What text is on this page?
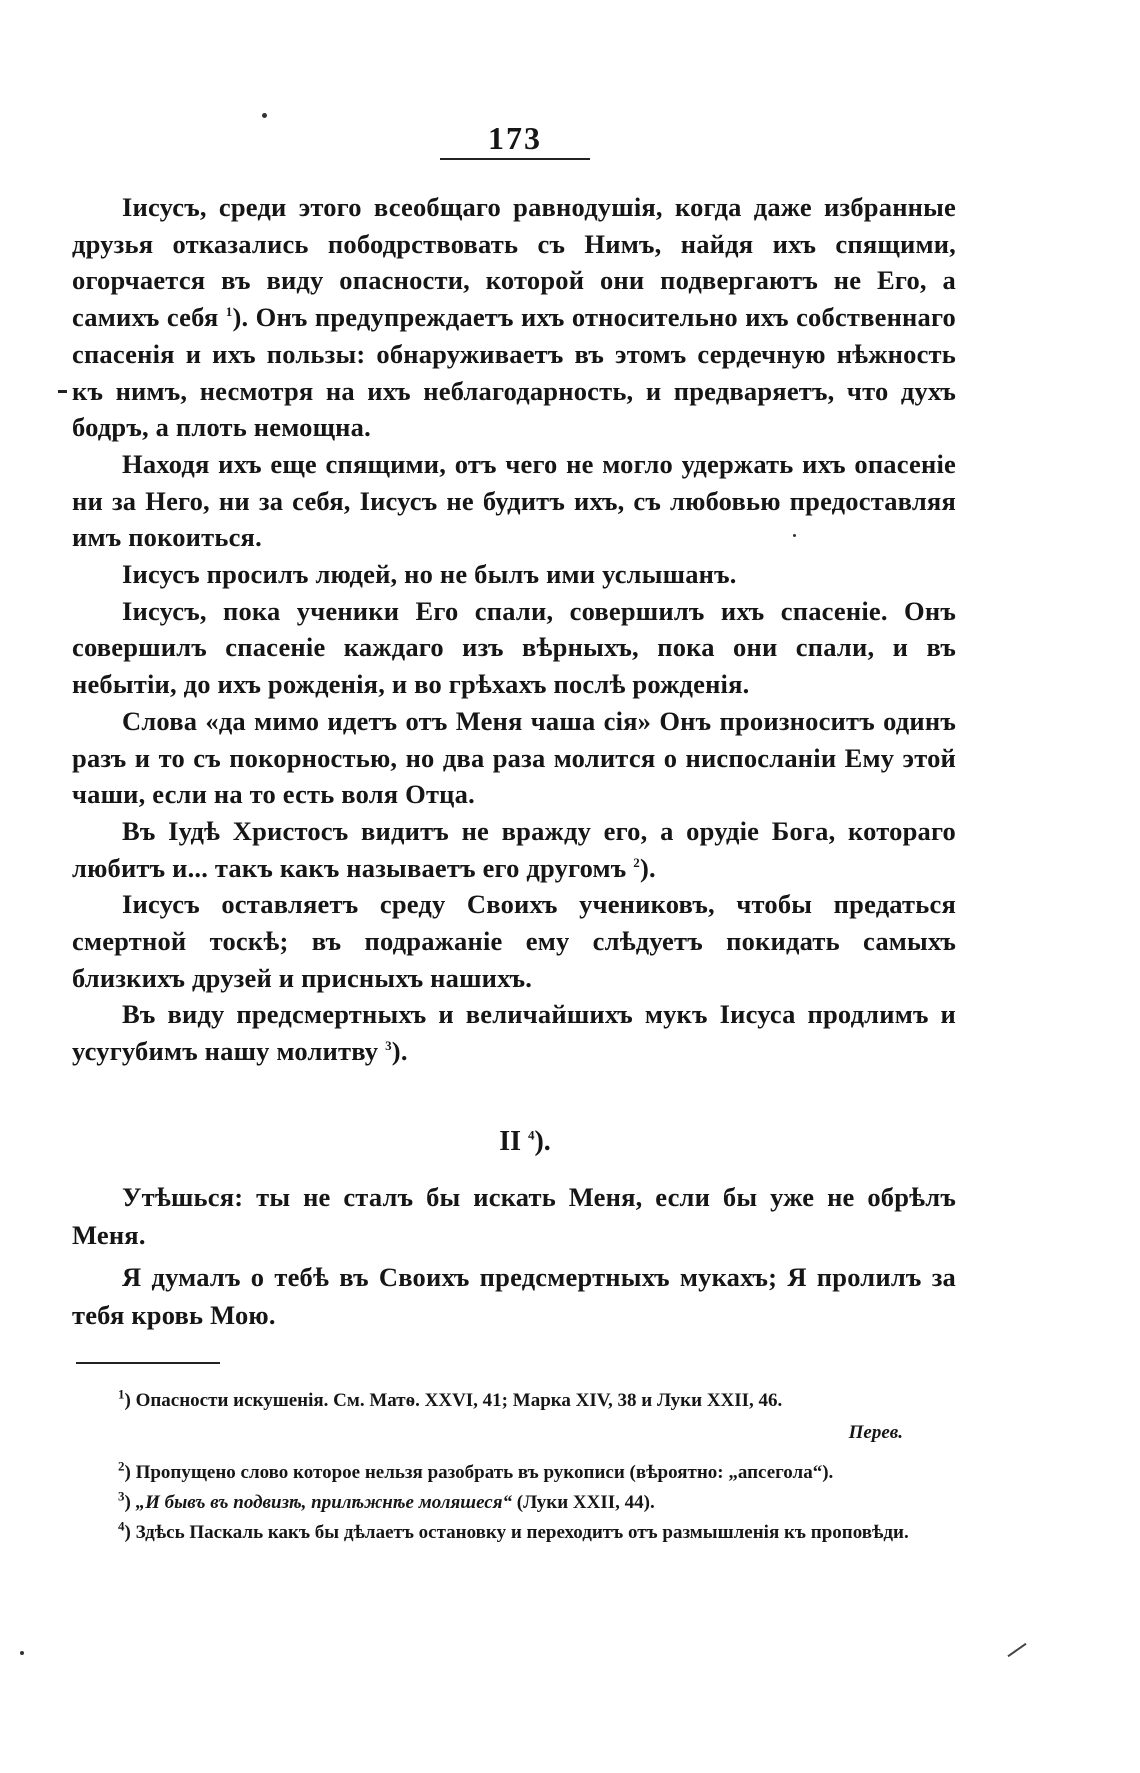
173

Iисусъ, среди этого всеобщаго равнодушія, когда даже избранные друзья отказались пободрствовать съ Нимъ, найдя ихъ спящими, огорчается въ виду опасности, которой они подвергаютъ не Его, а самихъ себя $^1$). Онъ предупреждаетъ ихъ относительно ихъ собственнаго спасенія и ихъ пользы: обнаруживаетъ въ этомъ сердечную нѣжность къ нимъ, несмотря на ихъ неблагодарность, и предваряетъ, что духъ бодръ, а плоть немощна.

Находя ихъ еще спящими, отъ чего не могло удержать ихъ опасеніе ни за Него, ни за себя, Iисусъ не будитъ ихъ, съ любовью предоставляя имъ покоиться.

Iисусъ просилъ людей, но не былъ ими услышанъ.

Iисусъ, пока ученики Его спали, совершилъ ихъ спасеніе. Онъ совершилъ спасеніе каждаго изъ вѣрныхъ, пока они спали, и въ небытіи, до ихъ рожденія, и во грѣхахъ послѣ рожденія.

Слова «да мимо идетъ отъ Меня чаша сія» Онъ произноситъ одинъ разъ и то съ покорностью, но два раза молится о ниспосланіи Ему этой чаши, если на то есть воля Отца.

Въ Iудѣ Христосъ видитъ не вражду его, а орудіе Бога, котораго любитъ и... такъ какъ называетъ его другомъ $^2$).

Iисусъ оставляетъ среду Своихъ учениковъ, чтобы предаться смертной тоскѣ; въ подражаніе ему слѣдуетъ покидать самыхъ близкихъ друзей и присныхъ нашихъ.

Въ виду предсмертныхъ и величайшихъ мукъ Iисуса продлимъ и усугубимъ нашу молитву $^3$).

II $^4$).

Утѣшься: ты не сталъ бы искать Меня, если бы уже не обрѣлъ Меня.

Я думалъ о тебѣ въ Своихъ предсмертныхъ мукахъ; Я пролилъ за тебя кровь Мою.

$^1$) Опасности искушенія. См. Матѳ. XXVI, 41; Марка XIV, 38 и Луки XXII, 46.

Перев.

$^2$) Пропущено слово которое нельзя разобрать въ рукописи (вѣроятно: „апсегола“).

$^3$) „И бывъ въ подвизѣ, прилѣжнѣе моляшеся“ (Луки XXII, 44).

$^4$) Здѣсь Паскаль какъ бы дѣлаетъ остановку и переходитъ отъ размышленія къ проповѣди.
